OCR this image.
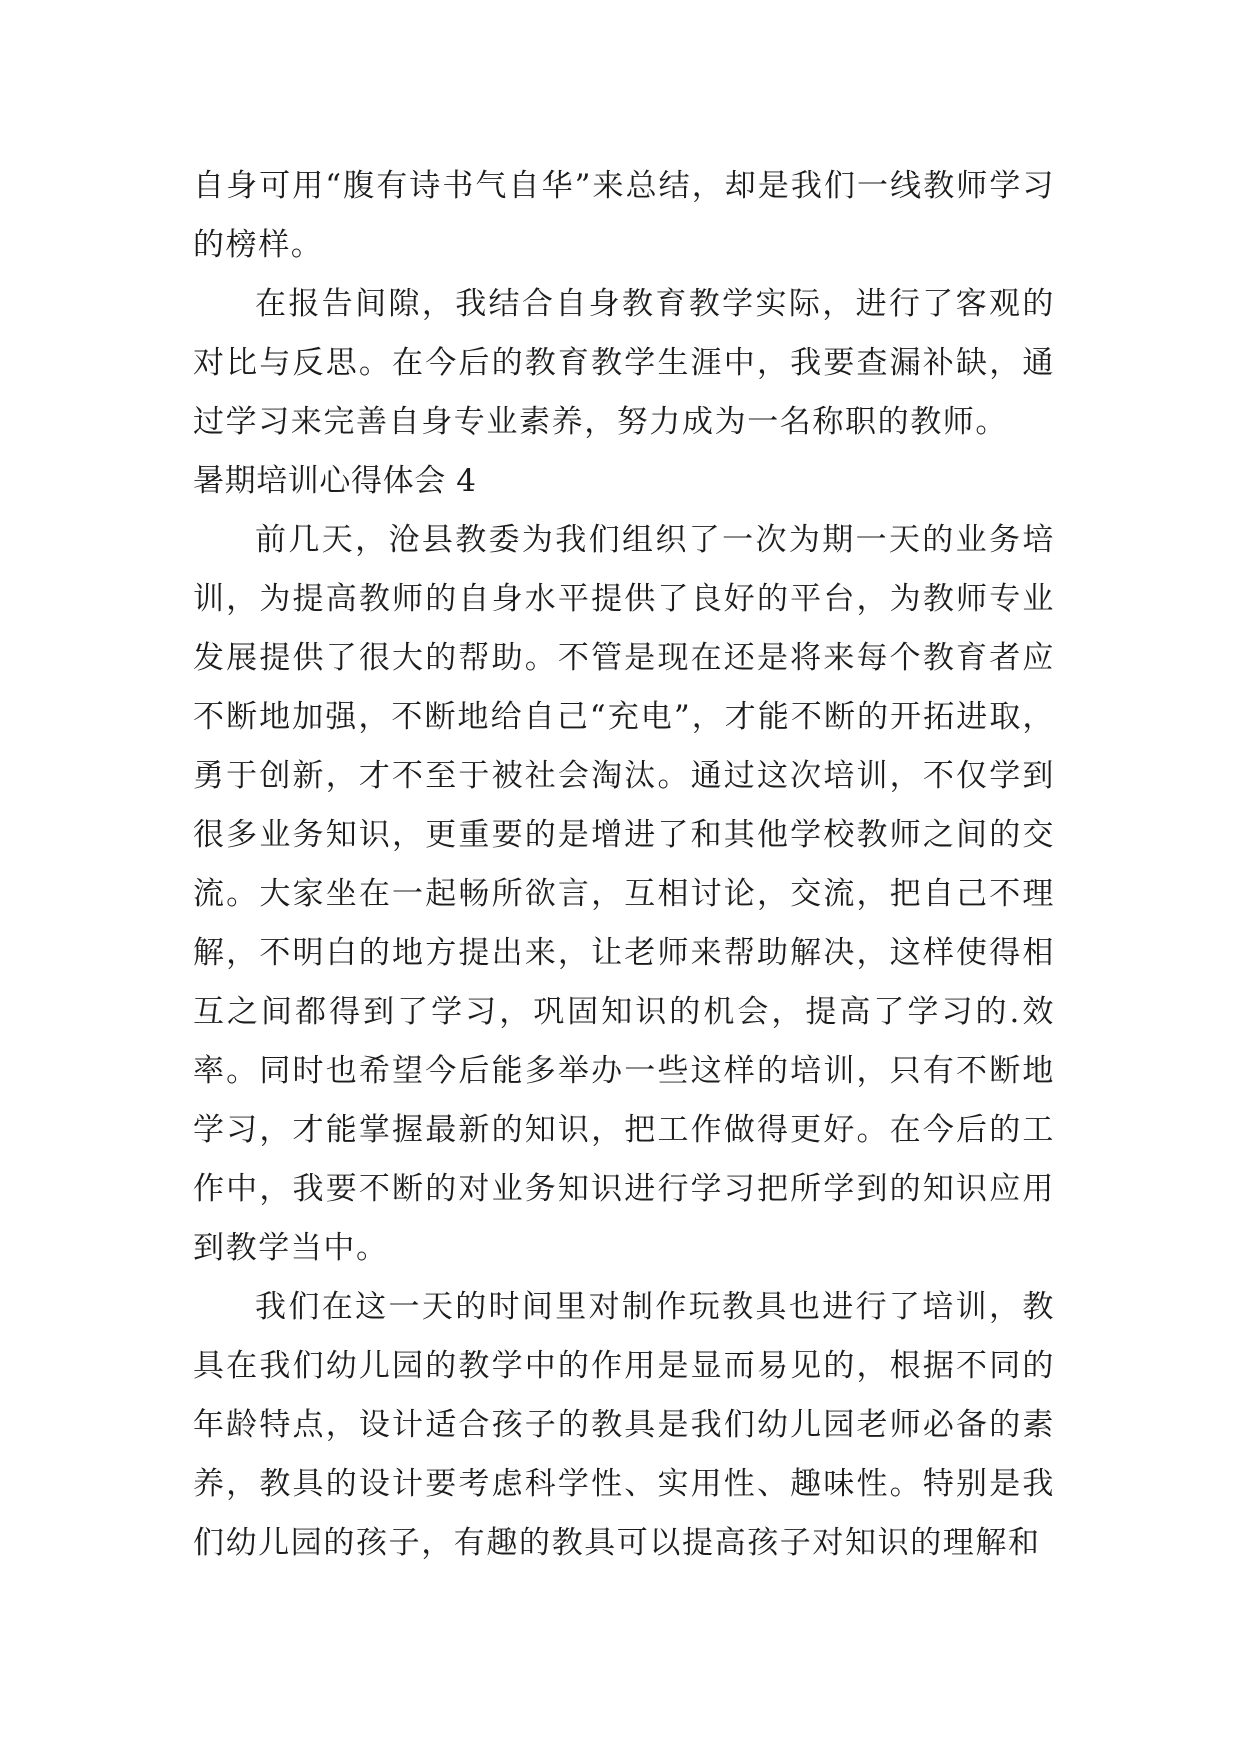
自身可用“腹有诗书气自华”来总结，却是我们一线教师学习的榜样。

在报告间隙，我结合自身教育教学实际，进行了客观的对比与反思。在今后的教育教学生涯中，我要查漏补缺，通过学习来完善自身专业素养，努力成为一名称职的教师。

暑期培训心得体会 4

前几天，沧县教委为我们组织了一次为期一天的业务培训，为提高教师的自身水平提供了良好的平台，为教师专业发展提供了很大的帮助。不管是现在还是将来每个教育者应不断地加强，不断地给自己“充电”，才能不断的开拓进取，勇于创新，才不至于被社会淘汰。通过这次培训，不仅学到很多业务知识，更重要的是增进了和其他学校教师之间的交流。大家坐在一起畅所欲言，互相讨论，交流，把自己不理解，不明白的地方提出来，让老师来帮助解决，这样使得相互之间都得到了学习，巩固知识的机会，提高了学习的.效率。同时也希望今后能多举办一些这样的培训，只有不断地学习，才能掌握最新的知识，把工作做得更好。在今后的工作中，我要不断的对业务知识进行学习把所学到的知识应用到教学当中。

我们在这一天的时间里对制作玩教具也进行了培训，教具在我们幼儿园的教学中的作用是显而易见的，根据不同的年龄特点，设计适合孩子的教具是我们幼儿园老师必备的素养，教具的设计要考虑科学性、实用性、趣味性。特别是我们幼儿园的孩子，有趣的教具可以提高孩子对知识的理解和
